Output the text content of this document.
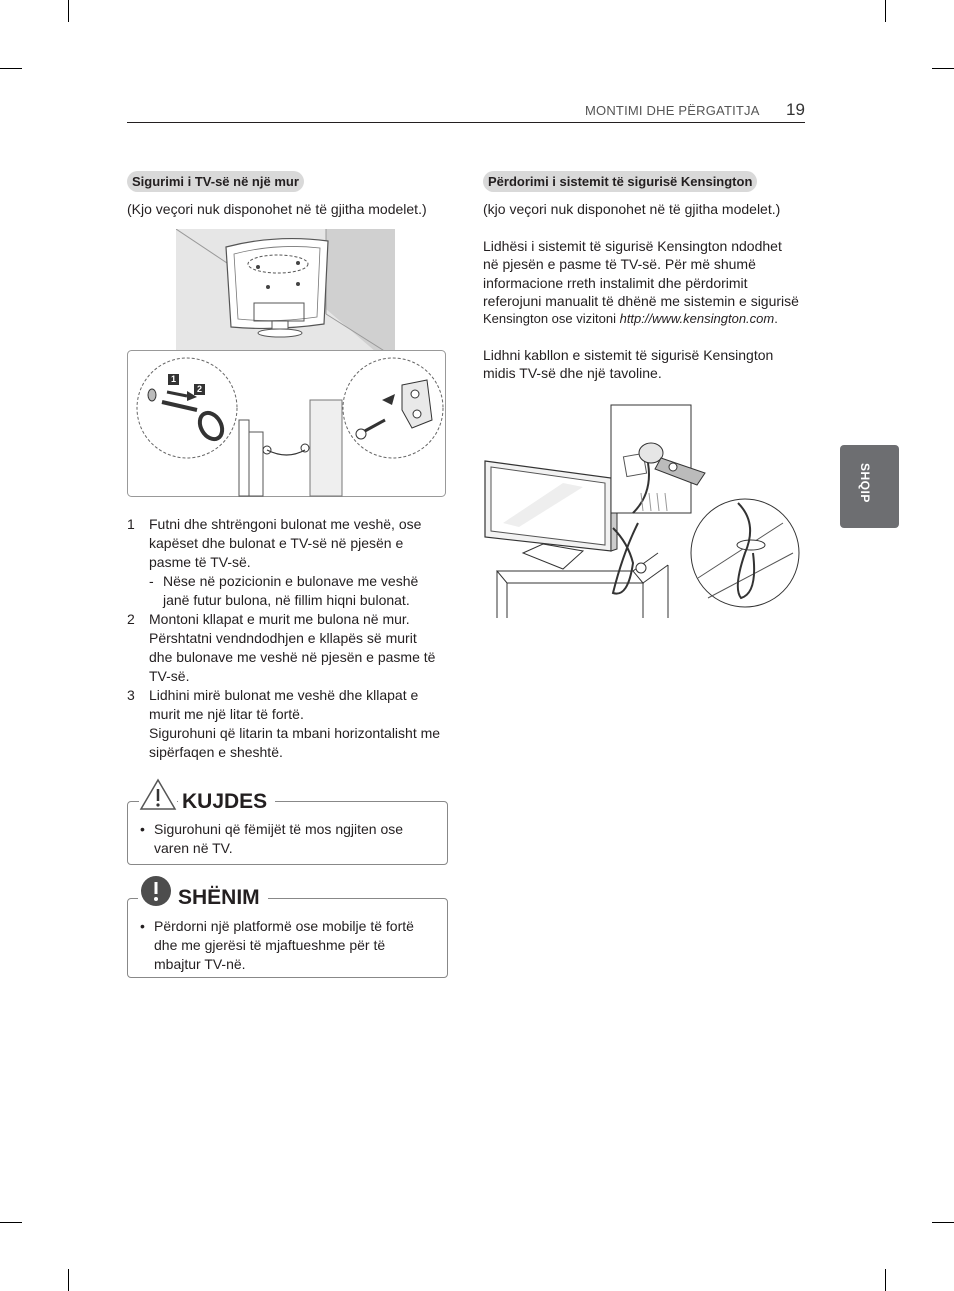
MONTIMI DHE PËRGATITJA 19
SHQIP
Sigurimi i TV-së në një mur
(Kjo veçori nuk disponohet në të gjitha modelet.)
1
2
1	Futni dhe shtrëngoni bulonat me veshë, ose
kapëset dhe bulonat e TV-së në pjesën e
pasme të TV-së.
- Nëse në pozicionin e bulonave me veshë
janë futur bulona, në fillim hiqni bulonat.
2	Montoni kllapat e murit me bulona në mur.
Përshtatni vendndodhjen e kllapës së murit
dhe bulonave me veshë në pjesën e pasme të
TV-së.
3	Lidhini mirë bulonat me veshë dhe kllapat e
murit me një litar të fortë.
Sigurohuni që litarin ta mbani horizontalisht me
sipërfaqen e sheshtë.
KUJDES
• Sigurohuni që fëmijët të mos ngjiten ose
varen në TV.
SHËNIM
• Përdorni një platformë ose mobilje të fortë
dhe me gjerësi të mjaftueshme për të
mbajtur TV-në.
Përdorimi i sistemit të sigurisë Kensington
(kjo veçori nuk disponohet në të gjitha modelet.)
Lidhësi i sistemit të sigurisë Kensington ndodhet
në pjesën e pasme të TV-së. Për më shumë
informacione rreth instalimit dhe përdorimit
referojuni manualit të dhënë me sistemin e sigurisë
Kensington ose vizitoni http://www.kensington.com.
Lidhni kabllon e sistemit të sigurisë Kensington
midis TV-së dhe një tavoline.
